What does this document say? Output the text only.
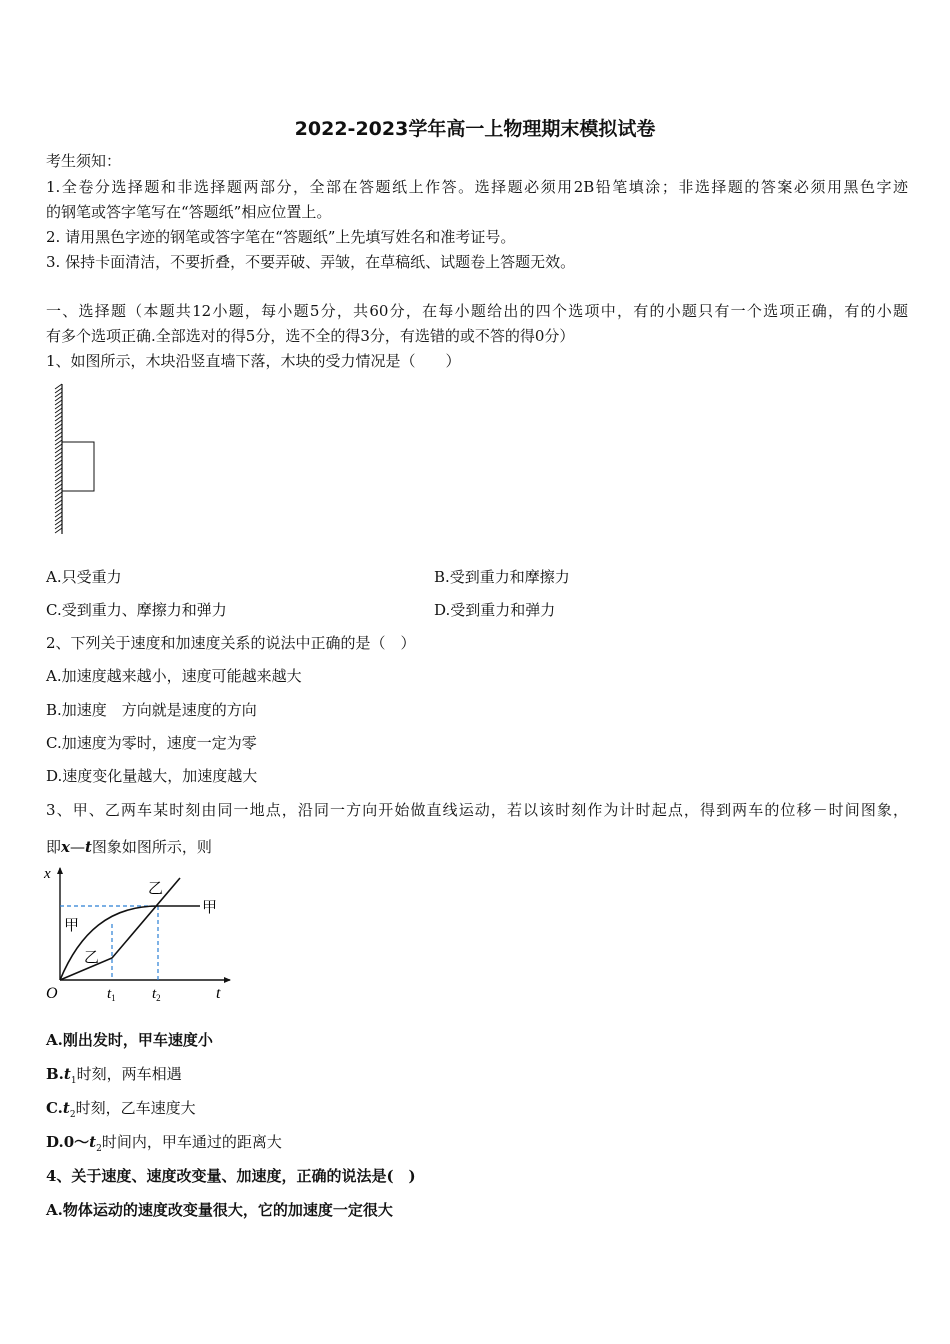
2022-2023学年高一上物理期末模拟试卷
考生须知：
1.全卷分选择题和非选择题两部分，全部在答题纸上作答。选择题必须用2B铅笔填涂；非选择题的答案必须用黑色字迹
的钢笔或答字笔写在“答题纸”相应位置上。
2. 请用黑色字迹的钢笔或答字笔在“答题纸”上先填写姓名和准考证号。
3. 保持卡面清洁，不要折叠，不要弄破、弄皱，在草稿纸、试题卷上答题无效。
一、选择题（本题共12小题，每小题5分，共60分，在每小题给出的四个选项中，有的小题只有一个选项正确，有的小题
有多个选项正确.全部选对的得5分，选不全的得3分，有选错的或不答的得0分）
1、如图所示，木块沿竖直墙下落，木块的受力情况是（　　）
A.只受重力	B.受到重力和摩擦力
C.受到重力、摩擦力和弹力	D.受到重力和弹力
2、下列关于速度和加速度关系的说法中正确的是（　）
A.加速度越来越小，速度可能越来越大
B.加速度　方向就是速度的方向
C.加速度为零时，速度一定为零
D.速度变化量越大，加速度越大
3、甲、乙两车某时刻由同一地点，沿同一方向开始做直线运动，若以该时刻作为计时起点，得到两车的位移－时间图象，
即x—t图象如图所示，则
x
t
O	$t_1$ $t_2$
甲
甲
乙
乙
A.刚出发时，甲车速度小
$B.t_1$时刻，两车相遇
$C.t_2$时刻，乙车速度大
$D.0\sim t_2$时间内，甲车通过的距离大
4、关于速度、速度改变量、加速度，正确的说法是(　)
A.物体运动的速度改变量很大，它的加速度一定很大
